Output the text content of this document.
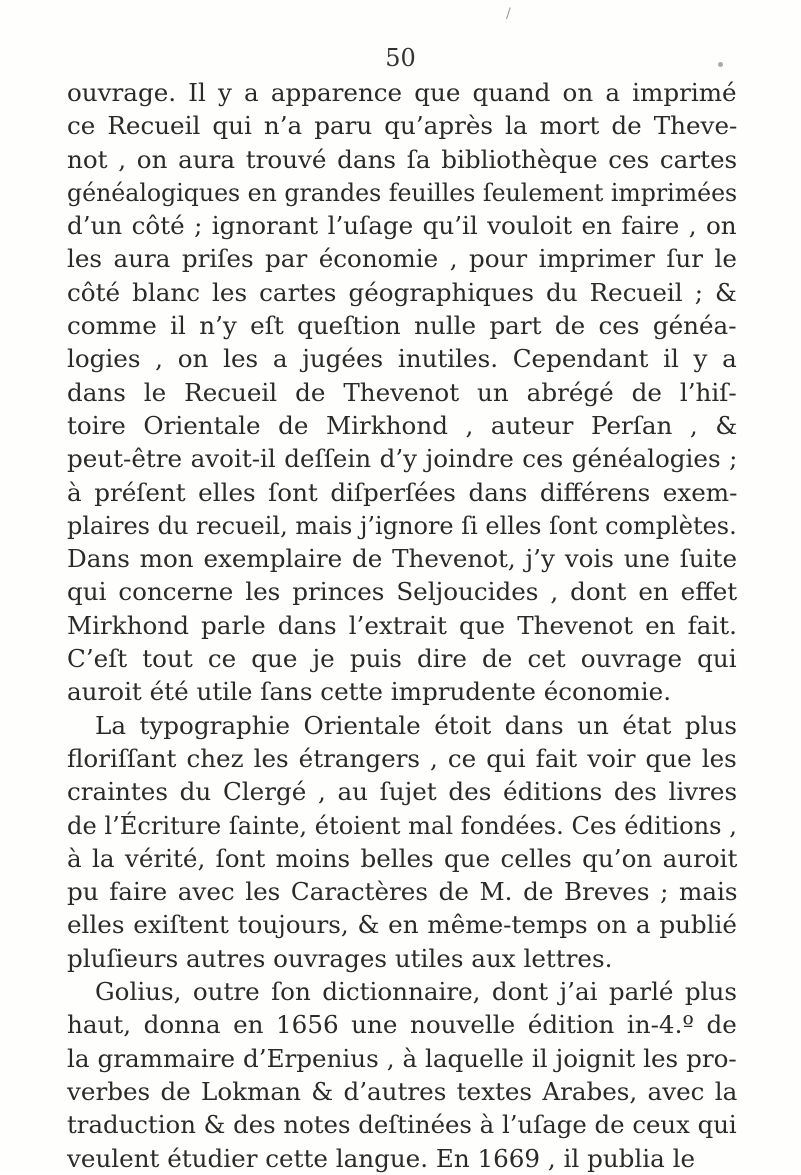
/
50
ouvrage. Il y a apparence que quand on a imprimé
ce Recueil qui n’a paru qu’après la mort de Theve-
not , on aura trouvé dans ſa bibliothèque ces cartes
généalogiques en grandes feuilles ſeulement imprimées
d’un côté ; ignorant l’uſage qu’il vouloit en faire , on
les aura priſes par économie , pour imprimer ſur le
côté blanc les cartes géographiques du Recueil ; &
comme il n’y eſt queſtion nulle part de ces généa-
logies , on les a jugées inutiles. Cependant il y a
dans le Recueil de Thevenot un abrégé de l’hiſ-
toire Orientale de Mirkhond , auteur Perſan , &
peut-être avoit-il deſſein d’y joindre ces généalogies ;
à préſent elles ſont diſperſées dans différens exem-
plaires du recueil, mais j’ignore ſi elles ſont complètes.
Dans mon exemplaire de Thevenot, j’y vois une ſuite
qui concerne les princes Seljoucides , dont en effet
Mirkhond parle dans l’extrait que Thevenot en fait.
C’eſt tout ce que je puis dire de cet ouvrage qui
auroit été utile ſans cette imprudente économie.
La typographie Orientale étoit dans un état plus
floriſſant chez les étrangers , ce qui fait voir que les
craintes du Clergé , au ſujet des éditions des livres
de l’Écriture ſainte, étoient mal fondées. Ces éditions ,
à la vérité, ſont moins belles que celles qu’on auroit
pu faire avec les Caractères de M. de Breves ; mais
elles exiſtent toujours, & en même-temps on a publié
pluſieurs autres ouvrages utiles aux lettres.
Golius, outre ſon dictionnaire, dont j’ai parlé plus
haut, donna en 1656 une nouvelle édition in-4.º de
la grammaire d’Erpenius , à laquelle il joignit les pro-
verbes de Lokman & d’autres textes Arabes, avec la
traduction & des notes deſtinées à l’uſage de ceux qui
veulent étudier cette langue. En 1669 , il publia le
